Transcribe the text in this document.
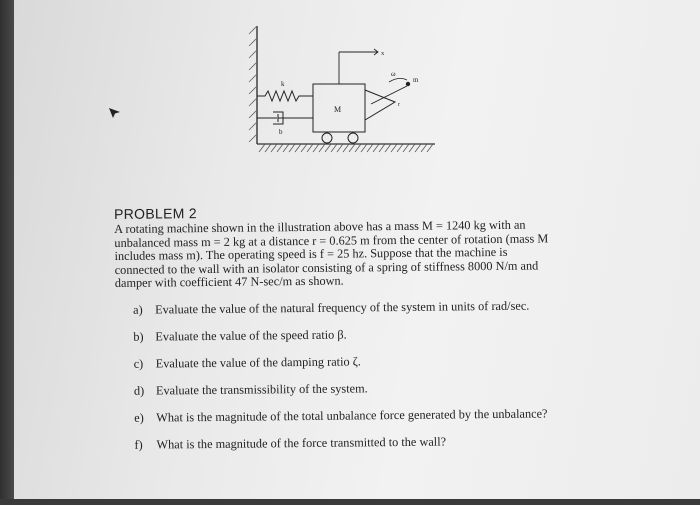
k
b
M
x
ω
m
r
PROBLEM 2
A rotating machine shown in the illustration above has a mass M = 1240 kg with an
unbalanced mass m = 2 kg at a distance r = 0.625 m from the center of rotation (mass M
includes mass m). The operating speed is f = 25 hz. Suppose that the machine is
connected to the wall with an isolator consisting of a spring of stiffness 8000 N/m and
damper with coefficient 47 N-sec/m as shown.
a) Evaluate the value of the natural frequency of the system in units of rad/sec.
b) Evaluate the value of the speed ratio β.
c) Evaluate the value of the damping ratio ζ.
d) Evaluate the transmissibility of the system.
e) What is the magnitude of the total unbalance force generated by the unbalance?
f) What is the magnitude of the force transmitted to the wall?
